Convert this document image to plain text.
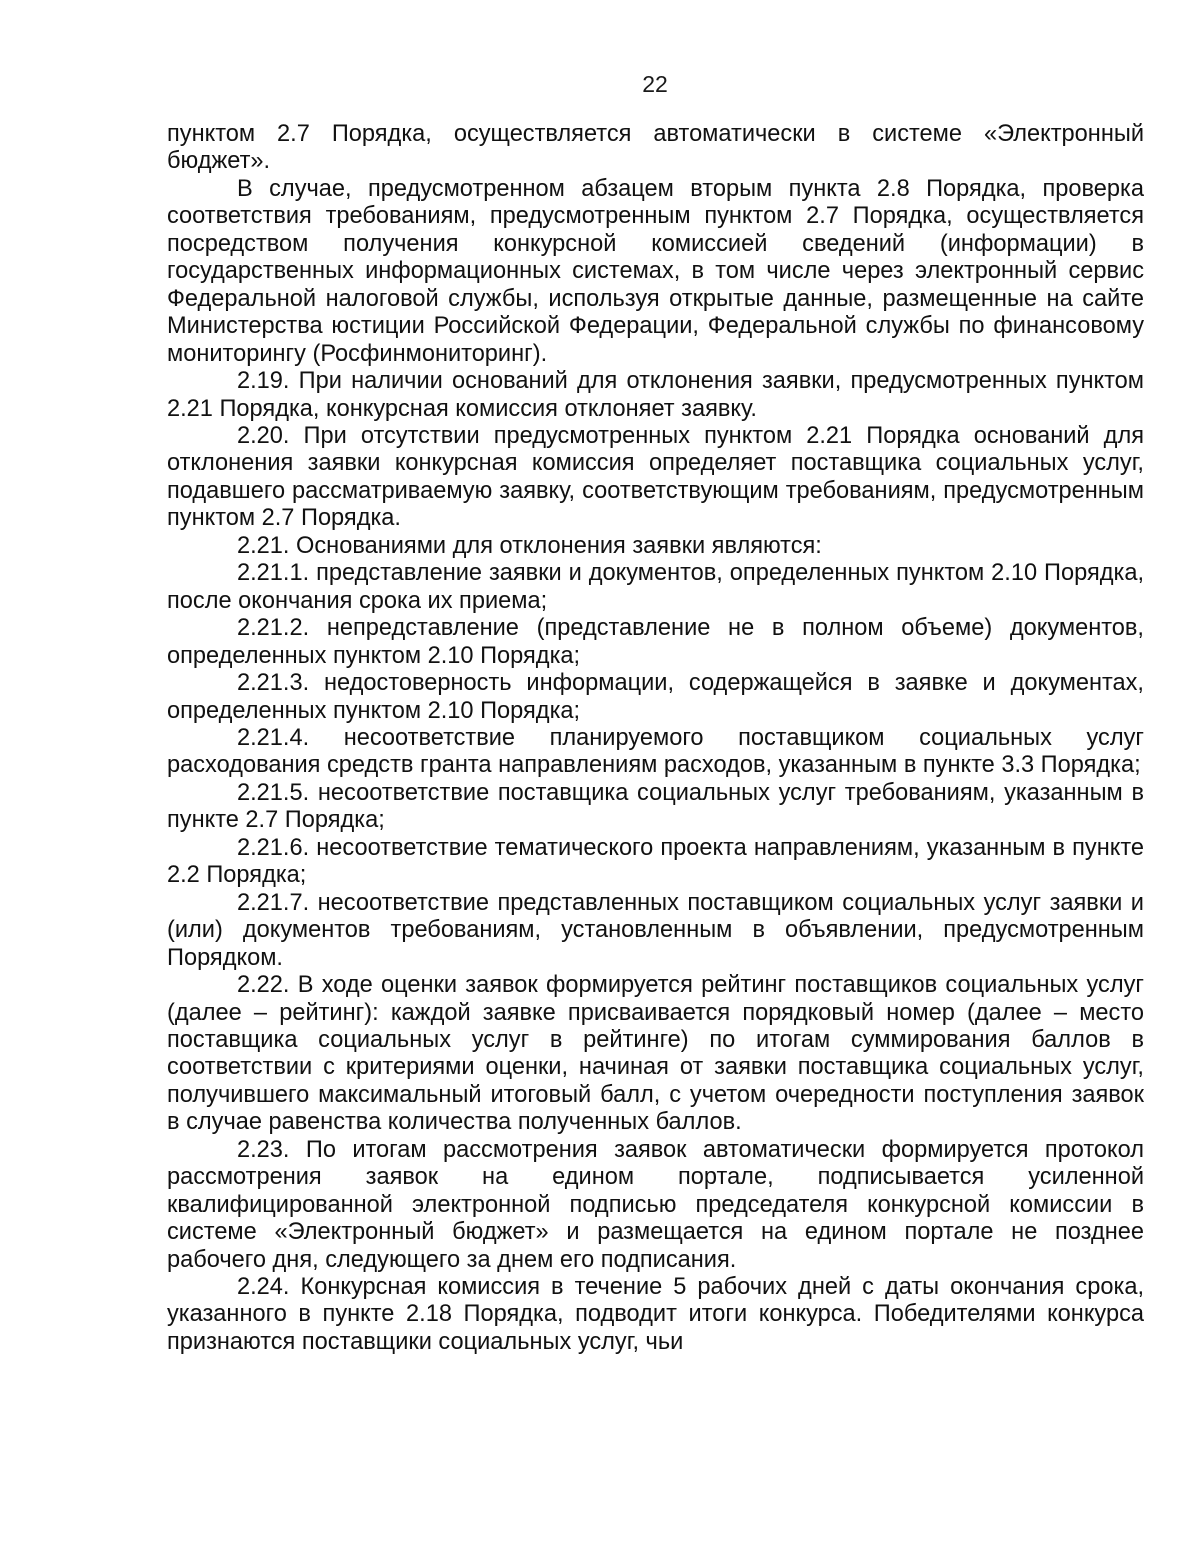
22

пунктом 2.7 Порядка, осуществляется автоматически в системе «Электронный бюджет».

В случае, предусмотренном абзацем вторым пункта 2.8 Порядка, проверка соответствия требованиям, предусмотренным пунктом 2.7 Порядка, осуществляется посредством получения конкурсной комиссией сведений (информации) в государственных информационных системах, в том числе через электронный сервис Федеральной налоговой службы, используя открытые данные, размещенные на сайте Министерства юстиции Российской Федерации, Федеральной службы по финансовому мониторингу (Росфинмониторинг).

2.19. При наличии оснований для отклонения заявки, предусмотренных пунктом 2.21 Порядка, конкурсная комиссия отклоняет заявку.

2.20. При отсутствии предусмотренных пунктом 2.21 Порядка оснований для отклонения заявки конкурсная комиссия определяет поставщика социальных услуг, подавшего рассматриваемую заявку, соответствующим требованиям, предусмотренным пунктом 2.7 Порядка.

2.21. Основаниями для отклонения заявки являются:

2.21.1. представление заявки и документов, определенных пунктом 2.10 Порядка, после окончания срока их приема;

2.21.2. непредставление (представление не в полном объеме) документов, определенных пунктом 2.10 Порядка;

2.21.3. недостоверность информации, содержащейся в заявке и документах, определенных пунктом 2.10 Порядка;

2.21.4. несоответствие планируемого поставщиком социальных услуг расходования средств гранта направлениям расходов, указанным в пункте 3.3 Порядка;

2.21.5. несоответствие поставщика социальных услуг требованиям, указанным в пункте 2.7 Порядка;

2.21.6. несоответствие тематического проекта направлениям, указанным в пункте 2.2 Порядка;

2.21.7. несоответствие представленных поставщиком социальных услуг заявки и (или) документов требованиям, установленным в объявлении, предусмотренным Порядком.

2.22. В ходе оценки заявок формируется рейтинг поставщиков социальных услуг (далее – рейтинг): каждой заявке присваивается порядковый номер (далее – место поставщика социальных услуг в рейтинге) по итогам суммирования баллов в соответствии с критериями оценки, начиная от заявки поставщика социальных услуг, получившего максимальный итоговый балл, с учетом очередности поступления заявок в случае равенства количества полученных баллов.

2.23. По итогам рассмотрения заявок автоматически формируется протокол рассмотрения заявок на едином портале, подписывается усиленной квалифицированной электронной подписью председателя конкурсной комиссии в системе «Электронный бюджет» и размещается на едином портале не позднее рабочего дня, следующего за днем его подписания.

2.24. Конкурсная комиссия в течение 5 рабочих дней с даты окончания срока, указанного в пункте 2.18 Порядка, подводит итоги конкурса. Победителями конкурса признаются поставщики социальных услуг, чьи
